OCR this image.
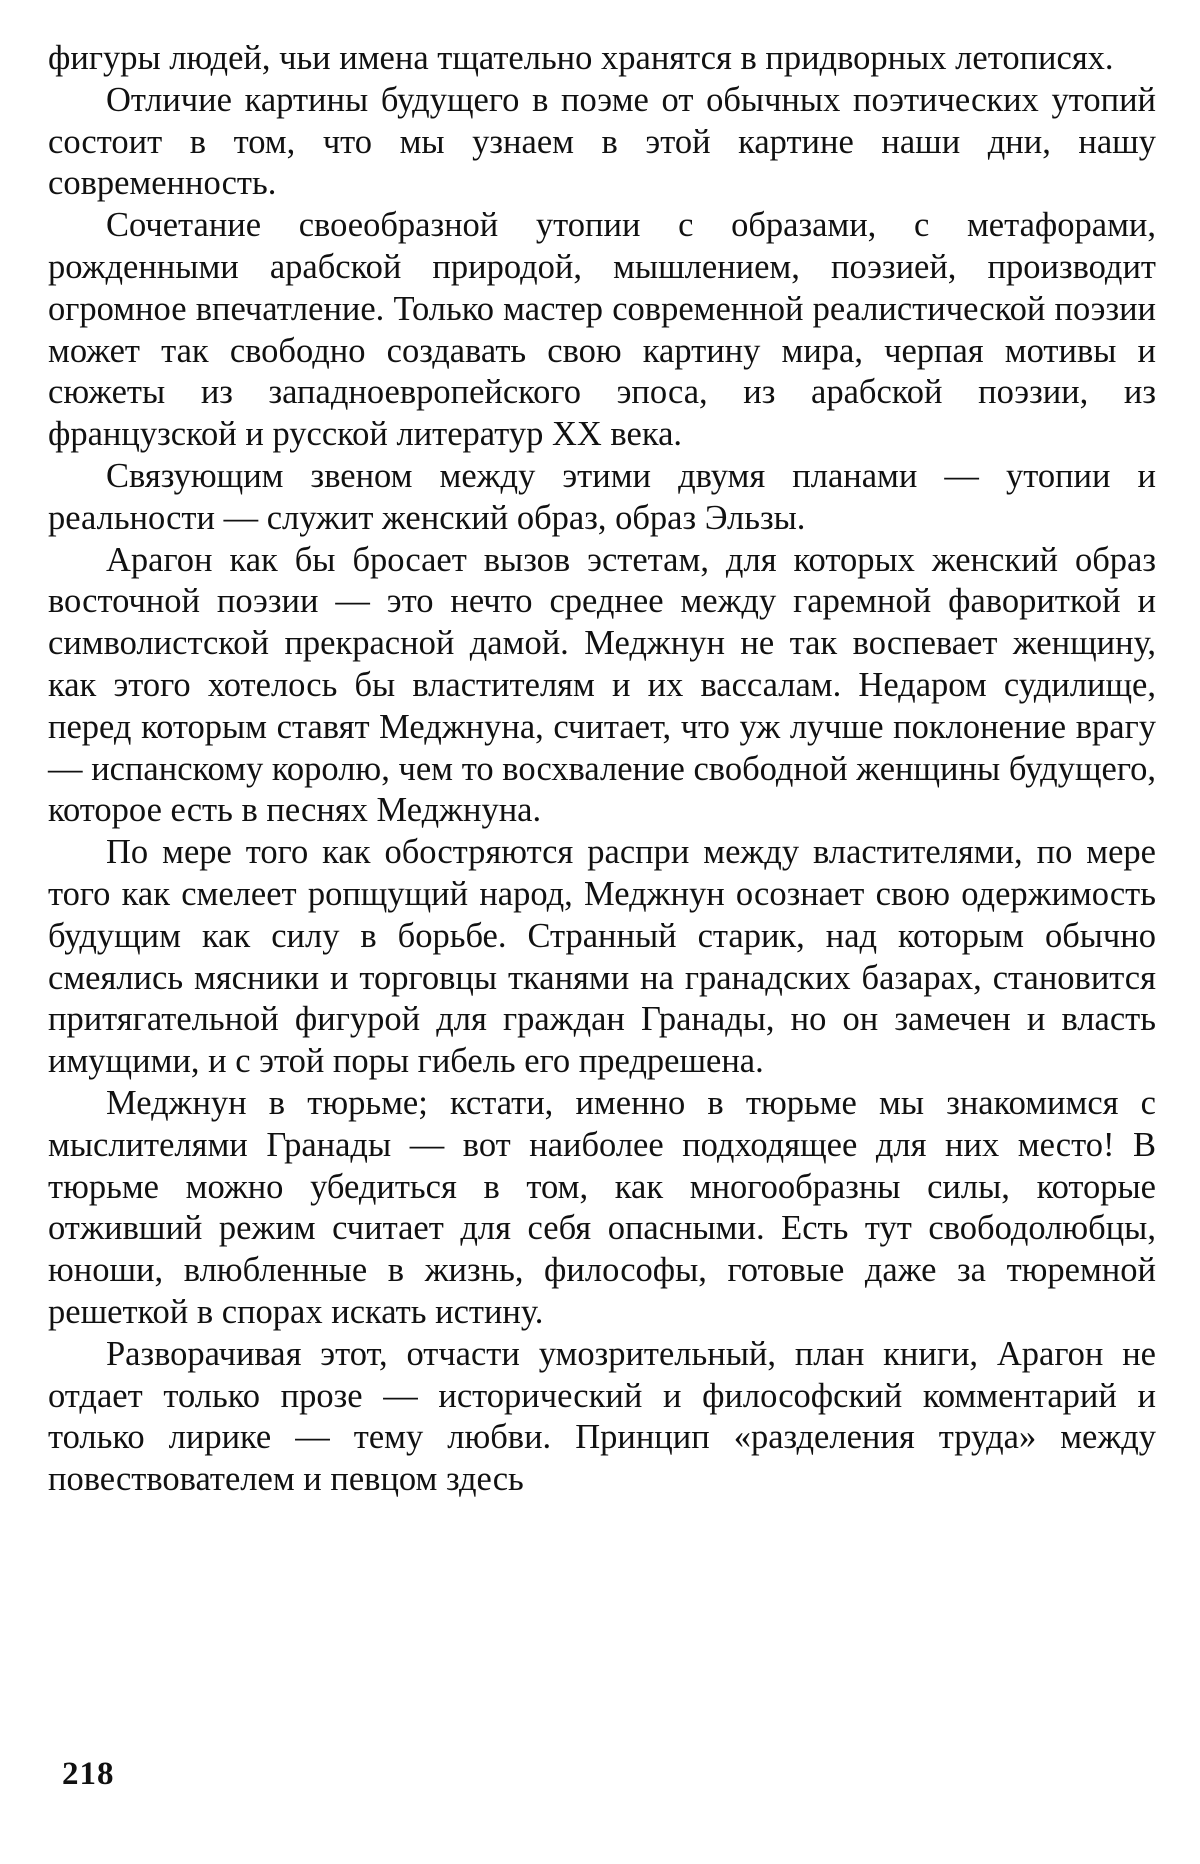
фигуры людей, чьи имена тщательно хранятся в придворных летописях.

Отличие картины будущего в поэме от обычных поэтических утопий состоит в том, что мы узнаем в этой картине наши дни, нашу современность.

Сочетание своеобразной утопии с образами, с метафорами, рожденными арабской природой, мышлением, поэзией, производит огромное впечатление. Только мастер современной реалистической поэзии может так свободно создавать свою картину мира, черпая мотивы и сюжеты из западноевропейского эпоса, из арабской поэзии, из французской и русской литератур XX века.

Связующим звеном между этими двумя планами — утопии и реальности — служит женский образ, образ Эльзы.

Арагон как бы бросает вызов эстетам, для которых женский образ восточной поэзии — это нечто среднее между гаремной фавориткой и символистской прекрасной дамой. Меджнун не так воспевает женщину, как этого хотелось бы властителям и их вассалам. Недаром судилище, перед которым ставят Меджнуна, считает, что уж лучше поклонение врагу — испанскому королю, чем то восхваление свободной женщины будущего, которое есть в песнях Меджнуна.

По мере того как обостряются распри между властителями, по мере того как смелеет ропщущий народ, Меджнун осознает свою одержимость будущим как силу в борьбе. Странный старик, над которым обычно смеялись мясники и торговцы тканями на гранадских базарах, становится притягательной фигурой для граждан Гранады, но он замечен и власть имущими, и с этой поры гибель его предрешена.

Меджнун в тюрьме; кстати, именно в тюрьме мы знакомимся с мыслителями Гранады — вот наиболее подходящее для них место! В тюрьме можно убедиться в том, как многообразны силы, которые отживший режим считает для себя опасными. Есть тут свободолюбцы, юноши, влюбленные в жизнь, философы, готовые даже за тюремной решеткой в спорах искать истину.

Разворачивая этот, отчасти умозрительный, план книги, Арагон не отдает только прозе — исторический и философский комментарий и только лирике — тему любви. Принцип «разделения труда» между повествователем и певцом здесь

218
